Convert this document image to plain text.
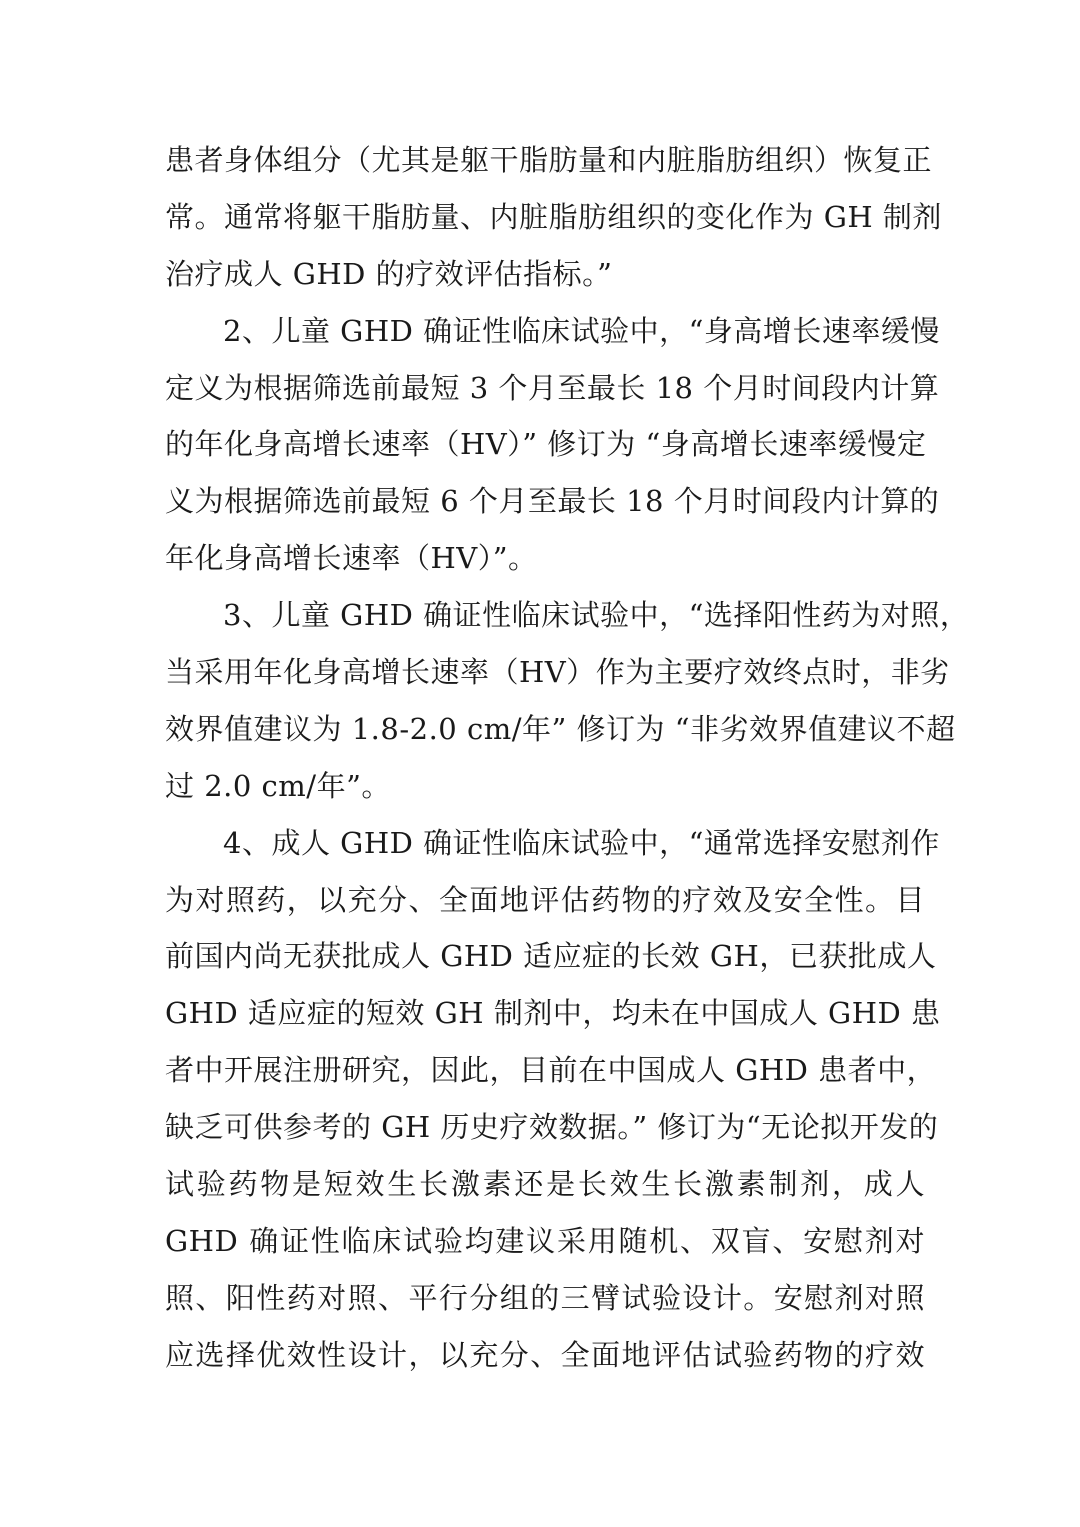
患者身体组分（尤其是躯干脂肪量和内脏脂肪组织）恢复正
常。通常将躯干脂肪量、内脏脂肪组织的变化作为 GH 制剂
治疗成人 GHD 的疗效评估指标。”
2、儿童 GHD 确证性临床试验中，“身高增长速率缓慢
定义为根据筛选前最短 3 个月至最长 18 个月时间段内计算
的年化身高增长速率（HV）” 修订为 “身高增长速率缓慢定
义为根据筛选前最短 6 个月至最长 18 个月时间段内计算的
年化身高增长速率（HV）”。
3、儿童 GHD 确证性临床试验中，“选择阳性药为对照，
当采用年化身高增长速率（HV）作为主要疗效终点时，非劣
效界值建议为 1.8-2.0 cm/年” 修订为 “非劣效界值建议不超
过 2.0 cm/年”。
4、成人 GHD 确证性临床试验中，“通常选择安慰剂作
为对照药，以充分、全面地评估药物的疗效及安全性。目
前国内尚无获批成人 GHD 适应症的长效 GH，已获批成人
GHD 适应症的短效 GH 制剂中，均未在中国成人 GHD 患
者中开展注册研究，因此，目前在中国成人 GHD 患者中，
缺乏可供参考的 GH 历史疗效数据。” 修订为“无论拟开发的
试验药物是短效生长激素还是长效生长激素制剂，成人
GHD 确证性临床试验均建议采用随机、双盲、安慰剂对
照、阳性药对照、平行分组的三臂试验设计。安慰剂对照
应选择优效性设计，以充分、全面地评估试验药物的疗效
